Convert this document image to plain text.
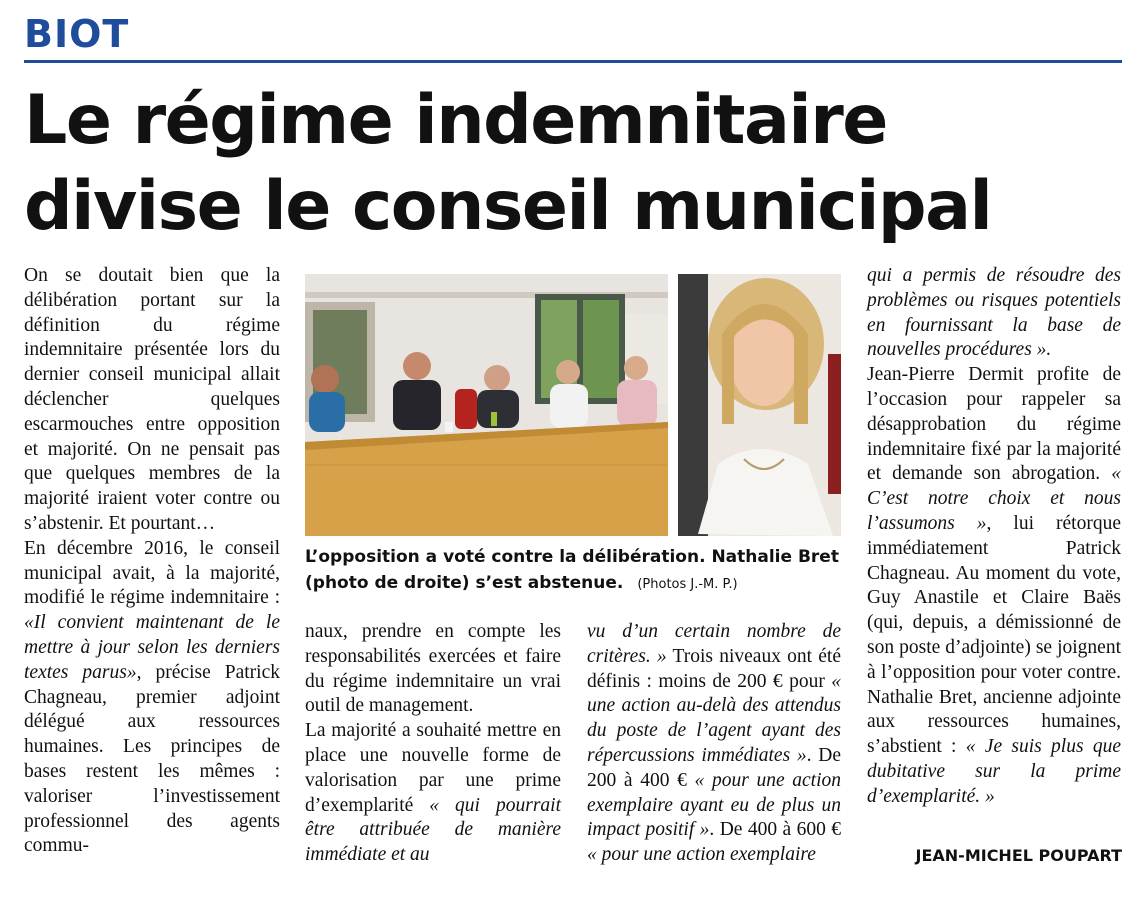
BIOT
Le régime indemnitaire
divise le conseil municipal

On se doutait bien que la délibération portant sur la définition du régime indemnitaire présentée lors du dernier conseil municipal allait déclencher quelques escarmouches entre opposition et majorité. On ne pensait pas que quelques membres de la majorité iraient voter contre ou s’abstenir. Et pourtant…

En décembre 2016, le conseil municipal avait, à la majorité, modifié le régime indemnitaire : «Il convient maintenant de le mettre à jour selon les derniers textes parus», précise Patrick Chagneau, premier adjoint délégué aux ressources humaines. Les principes de bases restent les mêmes : valoriser l’investissement professionnel des agents commu-

L’opposition a voté contre la délibération. Nathalie Bret (photo de droite) s’est abstenue. (Photos J.-M. P.)

naux, prendre en compte les responsabilités exercées et faire du régime indemnitaire un vrai outil de management.

La majorité a souhaité mettre en place une nouvelle forme de valorisation par une prime d’exemplarité « qui pourrait être attribuée de manière immédiate et au

vu d’un certain nombre de critères. » Trois niveaux ont été définis : moins de 200 € pour « une action au-delà des attendus du poste de l’agent ayant des répercussions immédiates ». De 200 à 400 € « pour une action exemplaire ayant eu de plus un impact positif ». De 400 à 600 € « pour une action exemplaire

qui a permis de résoudre des problèmes ou risques potentiels en fournissant la base de nouvelles procédures ».

Jean-Pierre Dermit profite de l’occasion pour rappeler sa désapprobation du régime indemnitaire fixé par la majorité et demande son abrogation. « C’est notre choix et nous l’assumons », lui rétorque immédiatement Patrick Chagneau. Au moment du vote, Guy Anastile et Claire Baës (qui, depuis, a démissionné de son poste d’adjointe) se joignent à l’opposition pour voter contre. Nathalie Bret, ancienne adjointe aux ressources humaines, s’abstient : « Je suis plus que dubitative sur la prime d’exemplarité. »

JEAN-MICHEL POUPART
